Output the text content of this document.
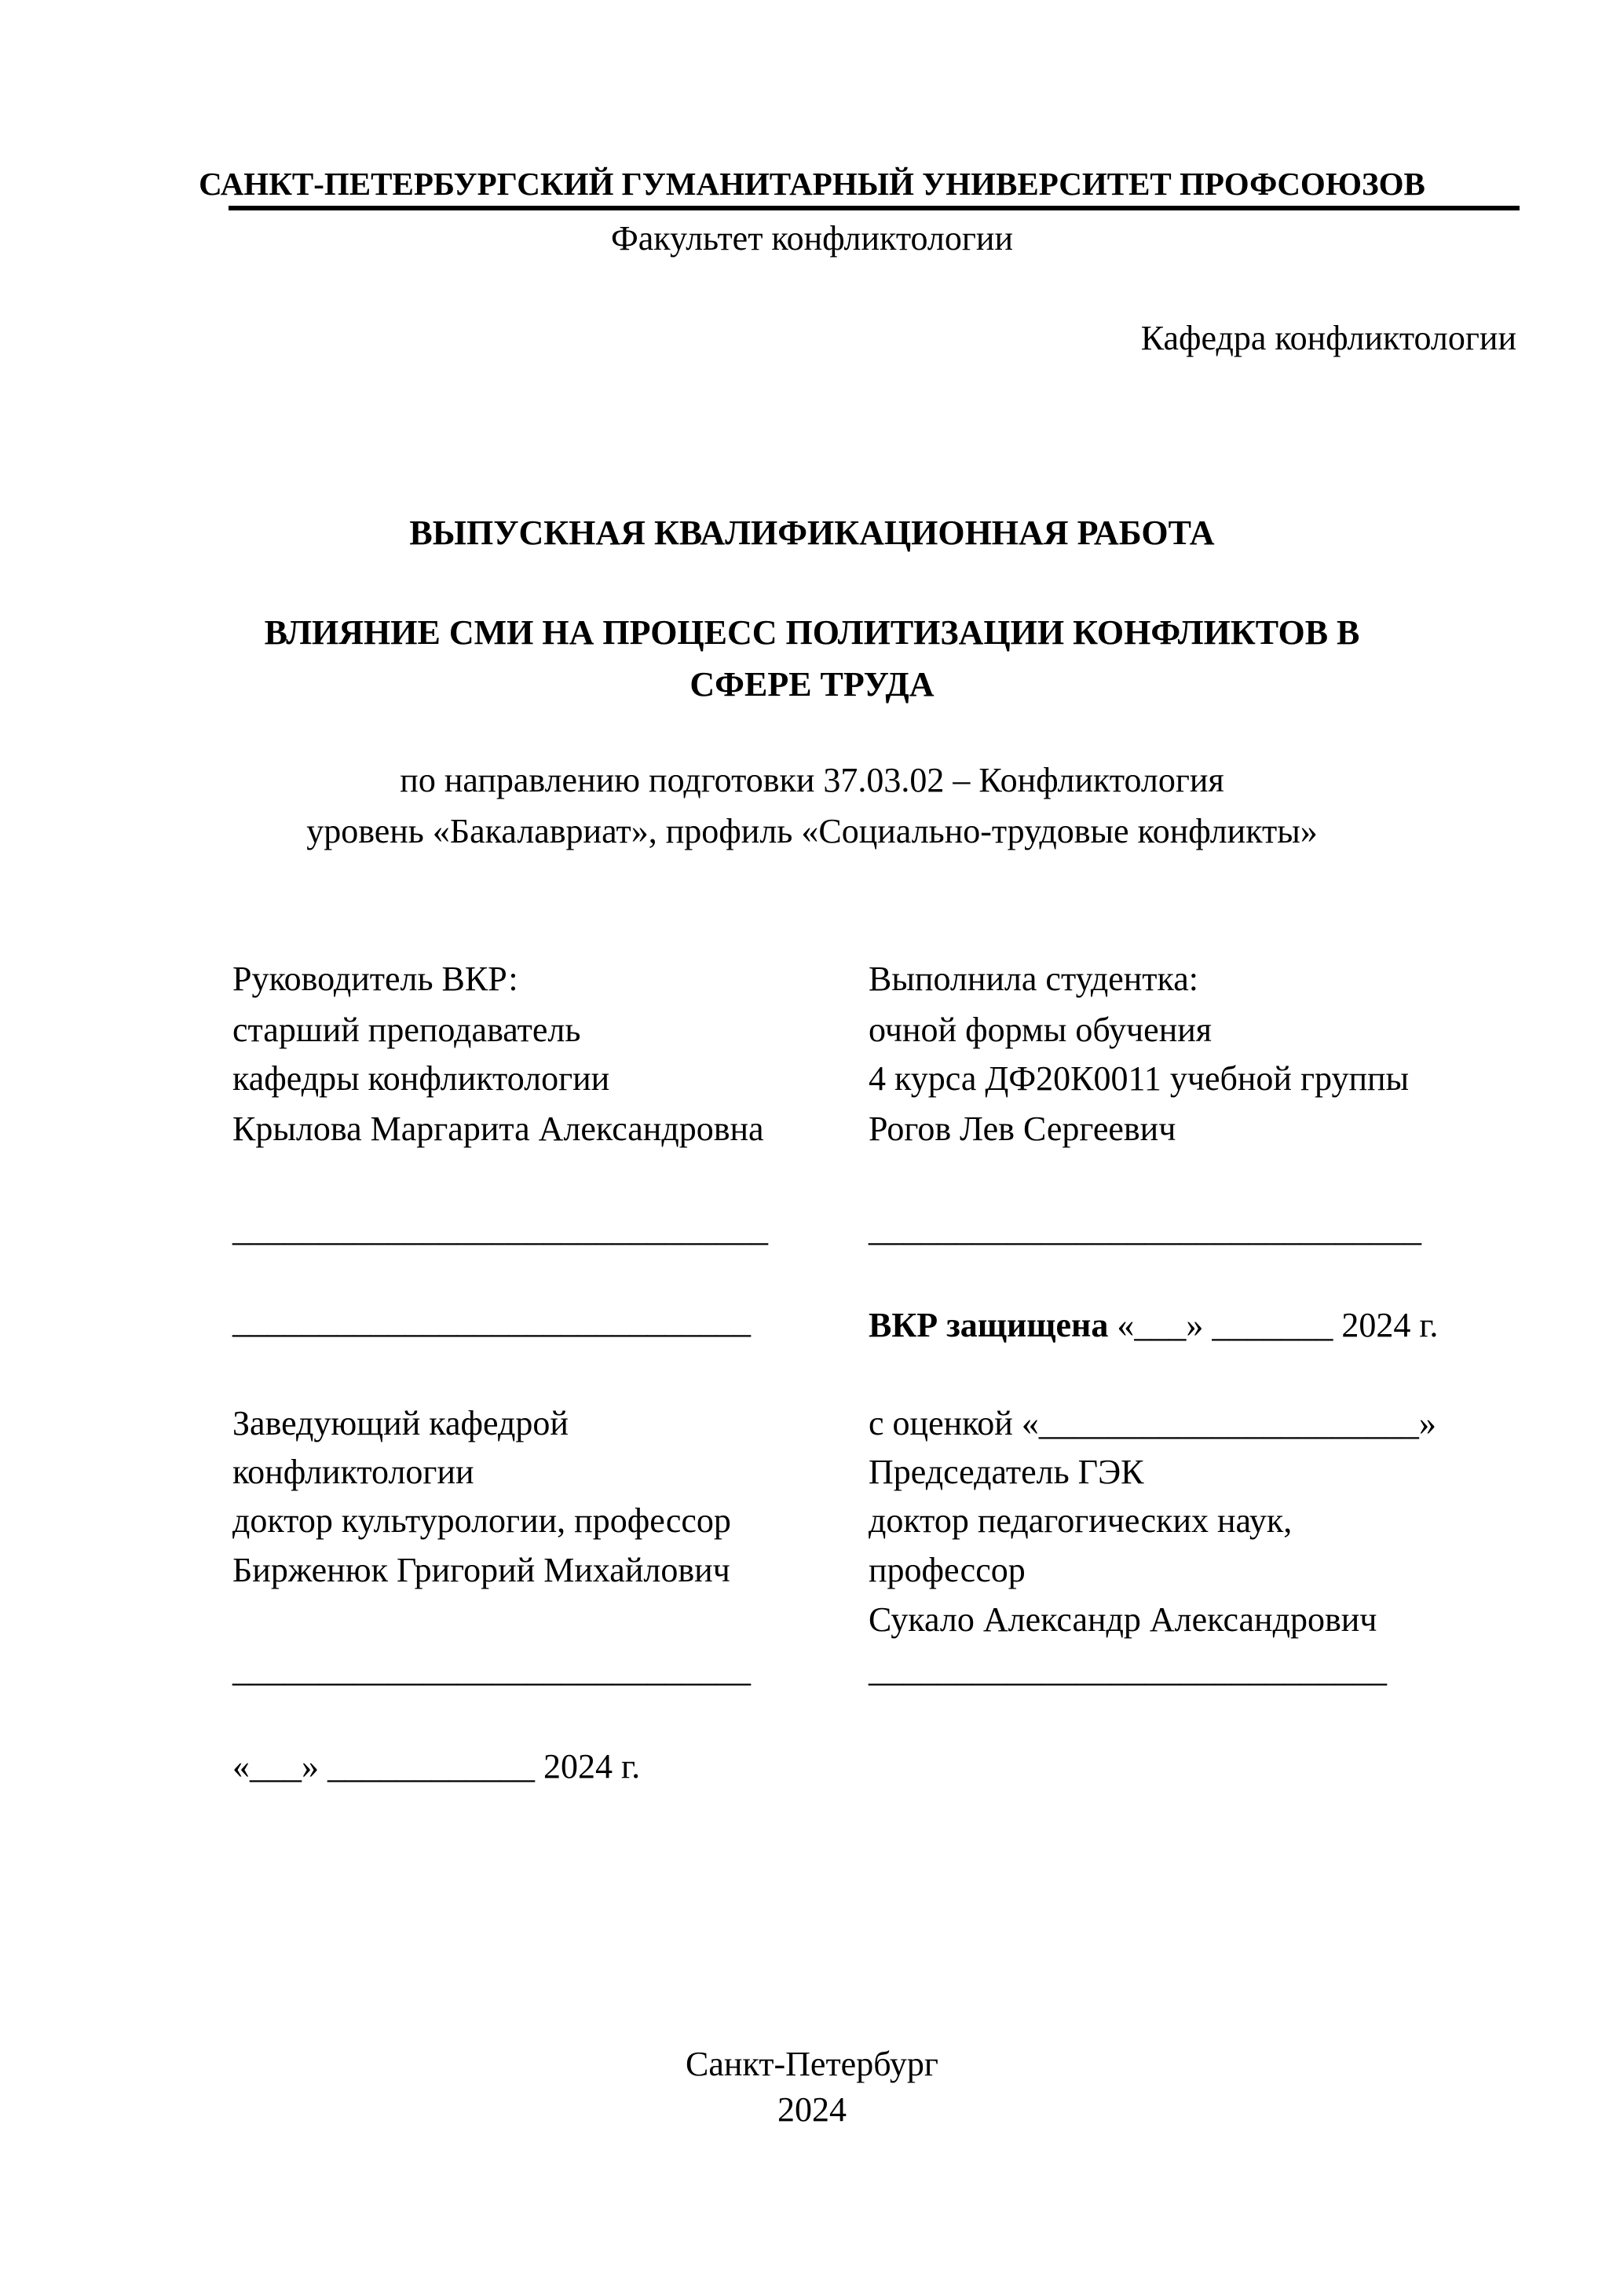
САНКТ-ПЕТЕРБУРГСКИЙ ГУМАНИТАРНЫЙ УНИВЕРСИТЕТ ПРОФСОЮЗОВ
Факультет конфликтологии
Кафедра конфликтологии
ВЫПУСКНАЯ КВАЛИФИКАЦИОННАЯ РАБОТА
ВЛИЯНИЕ СМИ НА ПРОЦЕСС ПОЛИТИЗАЦИИ КОНФЛИКТОВ В
СФЕРЕ ТРУДА
по направлению подготовки 37.03.02 – Конфликтология
уровень «Бакалавриат», профиль «Социально-трудовые конфликты»
Руководитель ВКР:
старший преподаватель
кафедры конфликтологии
Крылова Маргарита Александровна
_______________________________
______________________________
Заведующий кафедрой
конфликтологии
доктор культурологии, профессор
Бирженюк Григорий Михайлович
______________________________
«___» ____________ 2024 г.
Выполнила студентка:
очной формы обучения
4 курса ДФ20К0011 учебной группы
Рогов Лев Сергеевич
________________________________
ВКР защищена «___» _______ 2024 г.
с оценкой «______________________»
Председатель ГЭК
доктор педагогических наук,
профессор
Сукало Александр Александрович
______________________________
Санкт-Петербург
2024
